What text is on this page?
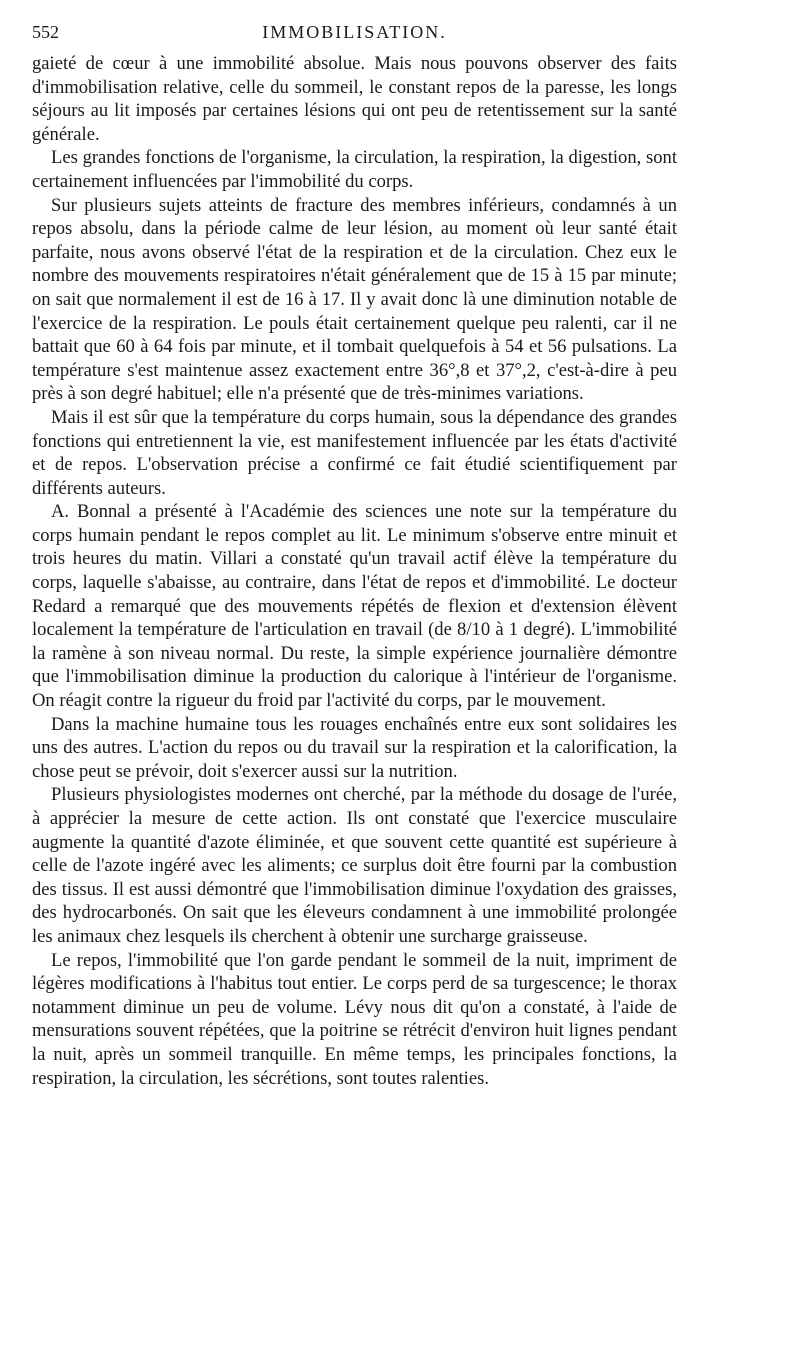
552	IMMOBILISATION.

gaieté de cœur à une immobilité absolue. Mais nous pouvons observer des faits d'immobilisation relative, celle du sommeil, le constant repos de la paresse, les longs séjours au lit imposés par certaines lésions qui ont peu de retentissement sur la santé générale.

Les grandes fonctions de l'organisme, la circulation, la respiration, la digestion, sont certainement influencées par l'immobilité du corps.

Sur plusieurs sujets atteints de fracture des membres inférieurs, condamnés à un repos absolu, dans la période calme de leur lésion, au moment où leur santé était parfaite, nous avons observé l'état de la respiration et de la circulation. Chez eux le nombre des mouvements respiratoires n'était généralement que de 15 à 15 par minute; on sait que normalement il est de 16 à 17. Il y avait donc là une diminution notable de l'exercice de la respiration. Le pouls était certainement quelque peu ralenti, car il ne battait que 60 à 64 fois par minute, et il tombait quelquefois à 54 et 56 pulsations. La température s'est maintenue assez exactement entre 36°,8 et 37°,2, c'est-à-dire à peu près à son degré habituel; elle n'a présenté que de très-minimes variations.

Mais il est sûr que la température du corps humain, sous la dépendance des grandes fonctions qui entretiennent la vie, est manifestement influencée par les états d'activité et de repos. L'observation précise a confirmé ce fait étudié scientifiquement par différents auteurs.

A. Bonnal a présenté à l'Académie des sciences une note sur la température du corps humain pendant le repos complet au lit. Le minimum s'observe entre minuit et trois heures du matin. Villari a constaté qu'un travail actif élève la température du corps, laquelle s'abaisse, au contraire, dans l'état de repos et d'immobilité. Le docteur Redard a remarqué que des mouvements répétés de flexion et d'extension élèvent localement la température de l'articulation en travail (de 8/10 à 1 degré). L'immobilité la ramène à son niveau normal. Du reste, la simple expérience journalière démontre que l'immobilisation diminue la production du calorique à l'intérieur de l'organisme. On réagit contre la rigueur du froid par l'activité du corps, par le mouvement.

Dans la machine humaine tous les rouages enchaînés entre eux sont solidaires les uns des autres. L'action du repos ou du travail sur la respiration et la calorification, la chose peut se prévoir, doit s'exercer aussi sur la nutrition.

Plusieurs physiologistes modernes ont cherché, par la méthode du dosage de l'urée, à apprécier la mesure de cette action. Ils ont constaté que l'exercice musculaire augmente la quantité d'azote éliminée, et que souvent cette quantité est supérieure à celle de l'azote ingéré avec les aliments; ce surplus doit être fourni par la combustion des tissus. Il est aussi démontré que l'immobilisation diminue l'oxydation des graisses, des hydrocarbonés. On sait que les éleveurs condamnent à une immobilité prolongée les animaux chez lesquels ils cherchent à obtenir une surcharge graisseuse.

Le repos, l'immobilité que l'on garde pendant le sommeil de la nuit, impriment de légères modifications à l'habitus tout entier. Le corps perd de sa turgescence; le thorax notamment diminue un peu de volume. Lévy nous dit qu'on a constaté, à l'aide de mensurations souvent répétées, que la poitrine se rétrécit d'environ huit lignes pendant la nuit, après un sommeil tranquille. En même temps, les principales fonctions, la respiration, la circulation, les sécrétions, sont toutes ralenties.
